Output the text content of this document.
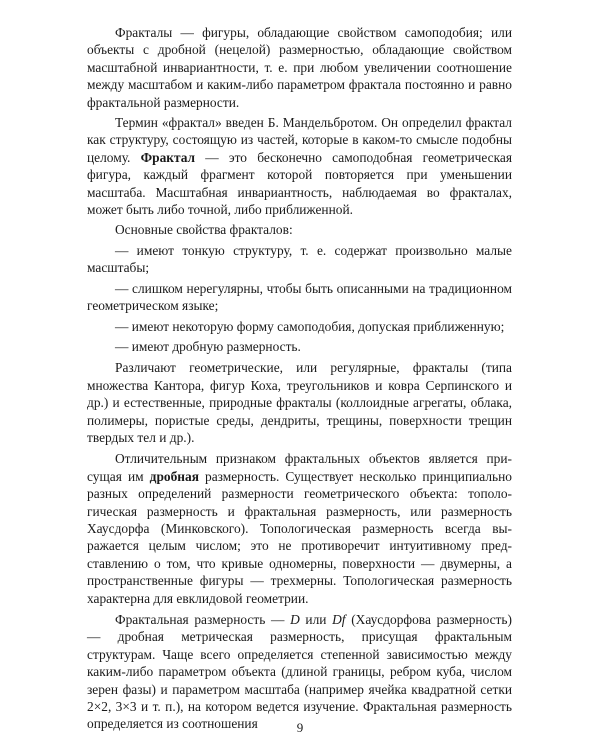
Фракталы — фигуры, обладающие свойством самоподобия; или объекты с дробной (нецелой) размерностью, обладающие свойством масштабной инвариантности, т. е. при любом увеличении соотношение между масштабом и каким-либо параметром фрактала постоянно и равно фрактальной размерности.

Термин «фрактал» введен Б. Мандельбротом. Он определил фрактал как структуру, состоящую из частей, которые в каком-то смысле подобны целому. Фрактал — это бесконечно самоподобная геометрическая фигура, каждый фрагмент которой повторяется при уменьшении масштаба. Масштабная инвариантность, наблюдаемая во фракталах, может быть либо точной, либо приближенной.

Основные свойства фракталов:

— имеют тонкую структуру, т. е. содержат произвольно малые масштабы;

— слишком нерегулярны, чтобы быть описанными на традиционном геометрическом языке;

— имеют некоторую форму самоподобия, допуская приближенную;

— имеют дробную размерность.

Различают геометрические, или регулярные, фракталы (типа множества Кантора, фигур Коха, треугольников и ковра Серпинского и др.) и естественные, природные фракталы (коллоидные агрегаты, облака, полимеры, пористые среды, дендриты, трещины, поверхности трещин твердых тел и др.).

Отличительным признаком фрактальных объектов является присущая им дробная размерность. Существует несколько принципиально разных определений размерности геометрического объекта: топологическая размерность и фрактальная размерность, или размерность Хаусдорфа (Минковского). Топологическая размерность всегда выражается целым числом; это не противоречит интуитивному представлению о том, что кривые одномерны, поверхности — двумерны, а пространственные фигуры — трехмерны. Топологическая размерность характерна для евклидовой геометрии.

Фрактальная размерность — D или Df (Хаусдорфова размерность) — дробная метрическая размерность, присущая фрактальным структурам. Чаще всего определяется степенной зависимостью между каким-либо параметром объекта (длиной границы, ребром куба, числом зерен фазы) и параметром масштаба (например ячейка квадратной сетки 2×2, 3×3 и т. п.), на котором ведется изучение. Фрактальная размерность определяется из соотношения	9
